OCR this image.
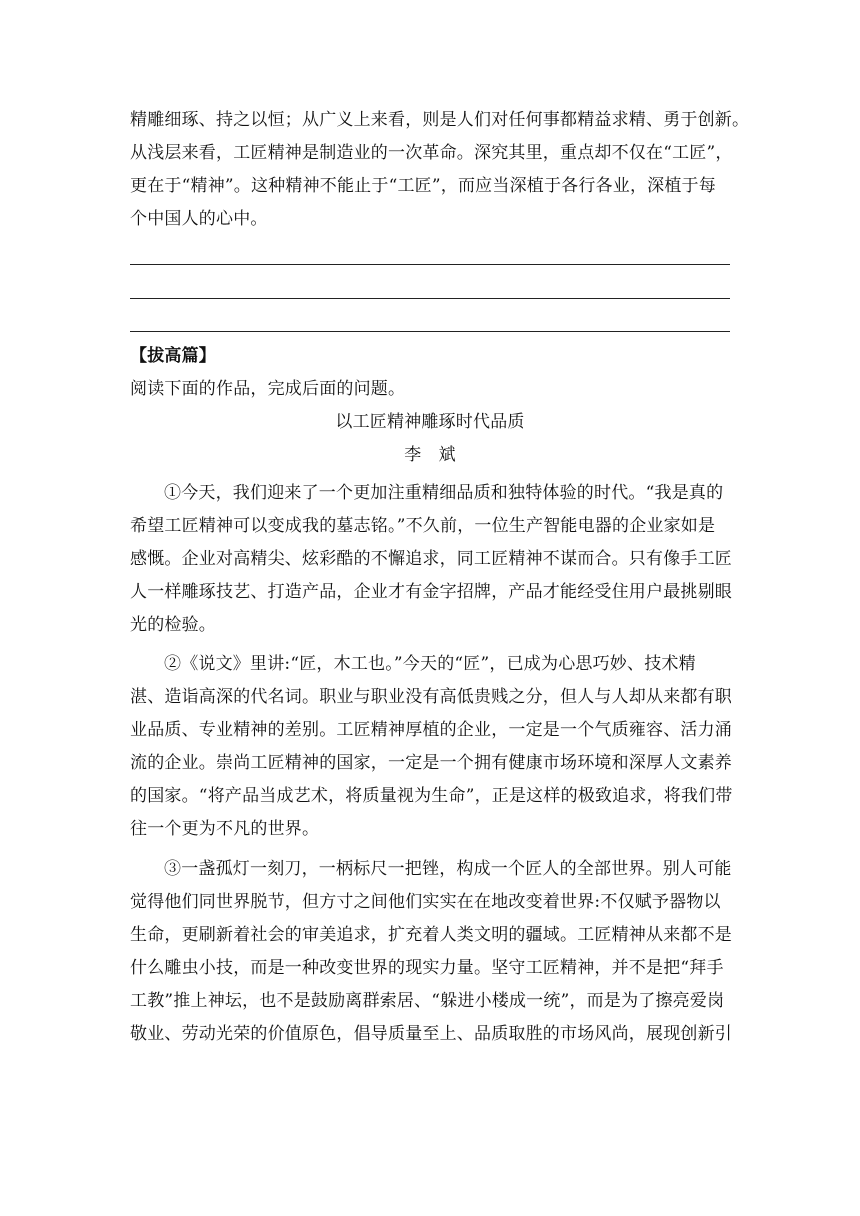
精雕细琢、持之以恒；从广义上来看，则是人们对任何事都精益求精、勇于创新。
从浅层来看，工匠精神是制造业的一次革命。深究其里，重点却不仅在“工匠”，
更在于“精神”。这种精神不能止于“工匠”，而应当深植于各行各业，深植于每
个中国人的心中。
【拔高篇】
阅读下面的作品，完成后面的问题。
以工匠精神雕琢时代品质
李　斌
①今天，我们迎来了一个更加注重精细品质和独特体验的时代。“我是真的
希望工匠精神可以变成我的墓志铭。”不久前，一位生产智能电器的企业家如是
感慨。企业对高精尖、炫彩酷的不懈追求，同工匠精神不谋而合。只有像手工匠
人一样雕琢技艺、打造产品，企业才有金字招牌，产品才能经受住用户最挑剔眼
光的检验。
②《说文》里讲:“匠，木工也。”今天的“匠”，已成为心思巧妙、技术精
湛、造诣高深的代名词。职业与职业没有高低贵贱之分，但人与人却从来都有职
业品质、专业精神的差别。工匠精神厚植的企业，一定是一个气质雍容、活力涌
流的企业。崇尚工匠精神的国家，一定是一个拥有健康市场环境和深厚人文素养
的国家。“将产品当成艺术，将质量视为生命”，正是这样的极致追求，将我们带
往一个更为不凡的世界。
③一盏孤灯一刻刀，一柄标尺一把锉，构成一个匠人的全部世界。别人可能
觉得他们同世界脱节，但方寸之间他们实实在在地改变着世界:不仅赋予器物以
生命，更刷新着社会的审美追求，扩充着人类文明的疆域。工匠精神从来都不是
什么雕虫小技，而是一种改变世界的现实力量。坚守工匠精神，并不是把“拜手
工教”推上神坛，也不是鼓励离群索居、“躲进小楼成一统”，而是为了擦亮爱岗
敬业、劳动光荣的价值原色，倡导质量至上、品质取胜的市场风尚，展现创新引
